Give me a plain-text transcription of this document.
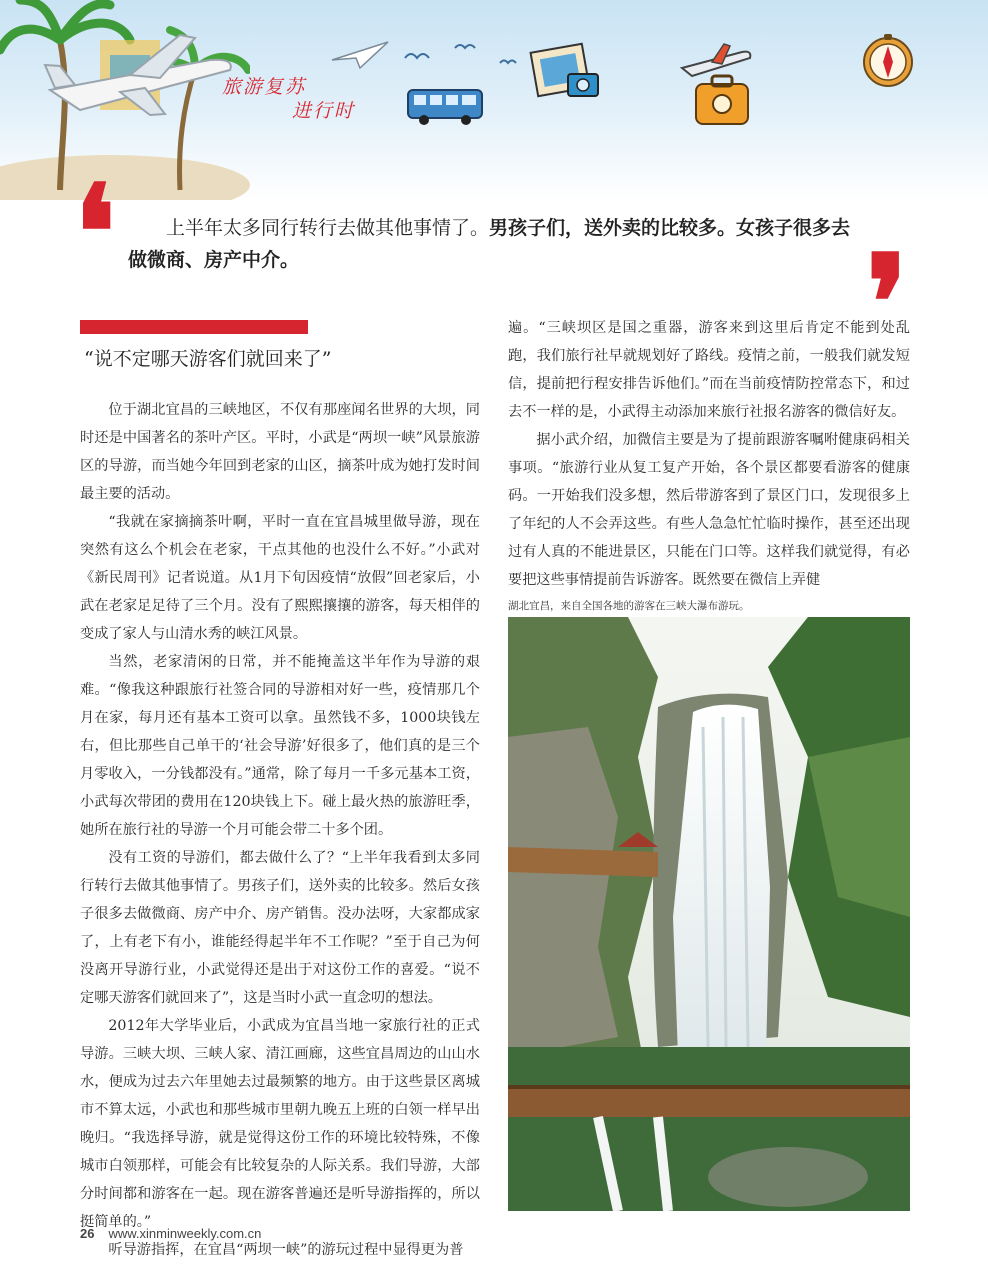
旅游复苏
进行时
❛	❜
上半年太多同行转行去做其他事情了。男孩子们，送外卖的比较多。女孩子很多去做微商、房产中介。
“说不定哪天游客们就回来了”

位于湖北宜昌的三峡地区，不仅有那座闻名世界的大坝，同时还是中国著名的茶叶产区。平时，小武是“两坝一峡”风景旅游区的导游，而当她今年回到老家的山区，摘茶叶成为她打发时间最主要的活动。

“我就在家摘摘茶叶啊，平时一直在宜昌城里做导游，现在突然有这么个机会在老家，干点其他的也没什么不好。”小武对《新民周刊》记者说道。从1月下旬因疫情“放假”回老家后，小武在老家足足待了三个月。没有了熙熙攘攘的游客，每天相伴的变成了家人与山清水秀的峡江风景。

当然，老家清闲的日常，并不能掩盖这半年作为导游的艰难。“像我这种跟旅行社签合同的导游相对好一些，疫情那几个月在家，每月还有基本工资可以拿。虽然钱不多，1000块钱左右，但比那些自己单干的‘社会导游’好很多了，他们真的是三个月零收入，一分钱都没有。”通常，除了每月一千多元基本工资，小武每次带团的费用在120块钱上下。碰上最火热的旅游旺季，她所在旅行社的导游一个月可能会带二十多个团。

没有工资的导游们，都去做什么了？“上半年我看到太多同行转行去做其他事情了。男孩子们，送外卖的比较多。然后女孩子很多去做微商、房产中介、房产销售。没办法呀，大家都成家了，上有老下有小，谁能经得起半年不工作呢？”至于自己为何没离开导游行业，小武觉得还是出于对这份工作的喜爱。“说不定哪天游客们就回来了”，这是当时小武一直念叨的想法。

2012年大学毕业后，小武成为宜昌当地一家旅行社的正式导游。三峡大坝、三峡人家、清江画廊，这些宜昌周边的山山水水，便成为过去六年里她去过最频繁的地方。由于这些景区离城市不算太远，小武也和那些城市里朝九晚五上班的白领一样早出晚归。“我选择导游，就是觉得这份工作的环境比较特殊，不像城市白领那样，可能会有比较复杂的人际关系。我们导游，大部分时间都和游客在一起。现在游客普遍还是听导游指挥的，所以挺简单的。”

听导游指挥，在宜昌“两坝一峡”的游玩过程中显得更为普

遍。“三峡坝区是国之重器，游客来到这里后肯定不能到处乱跑，我们旅行社早就规划好了路线。疫情之前，一般我们就发短信，提前把行程安排告诉他们。”而在当前疫情防控常态下，和过去不一样的是，小武得主动添加来旅行社报名游客的微信好友。

据小武介绍，加微信主要是为了提前跟游客嘱咐健康码相关事项。“旅游行业从复工复产开始，各个景区都要看游客的健康码。一开始我们没多想，然后带游客到了景区门口，发现很多上了年纪的人不会弄这些。有些人急急忙忙临时操作，甚至还出现过有人真的不能进景区，只能在门口等。这样我们就觉得，有必要把这些事情提前告诉游客。既然要在微信上弄健

湖北宜昌，来自全国各地的游客在三峡大瀑布游玩。
26 www.xinminweekly.com.cn
